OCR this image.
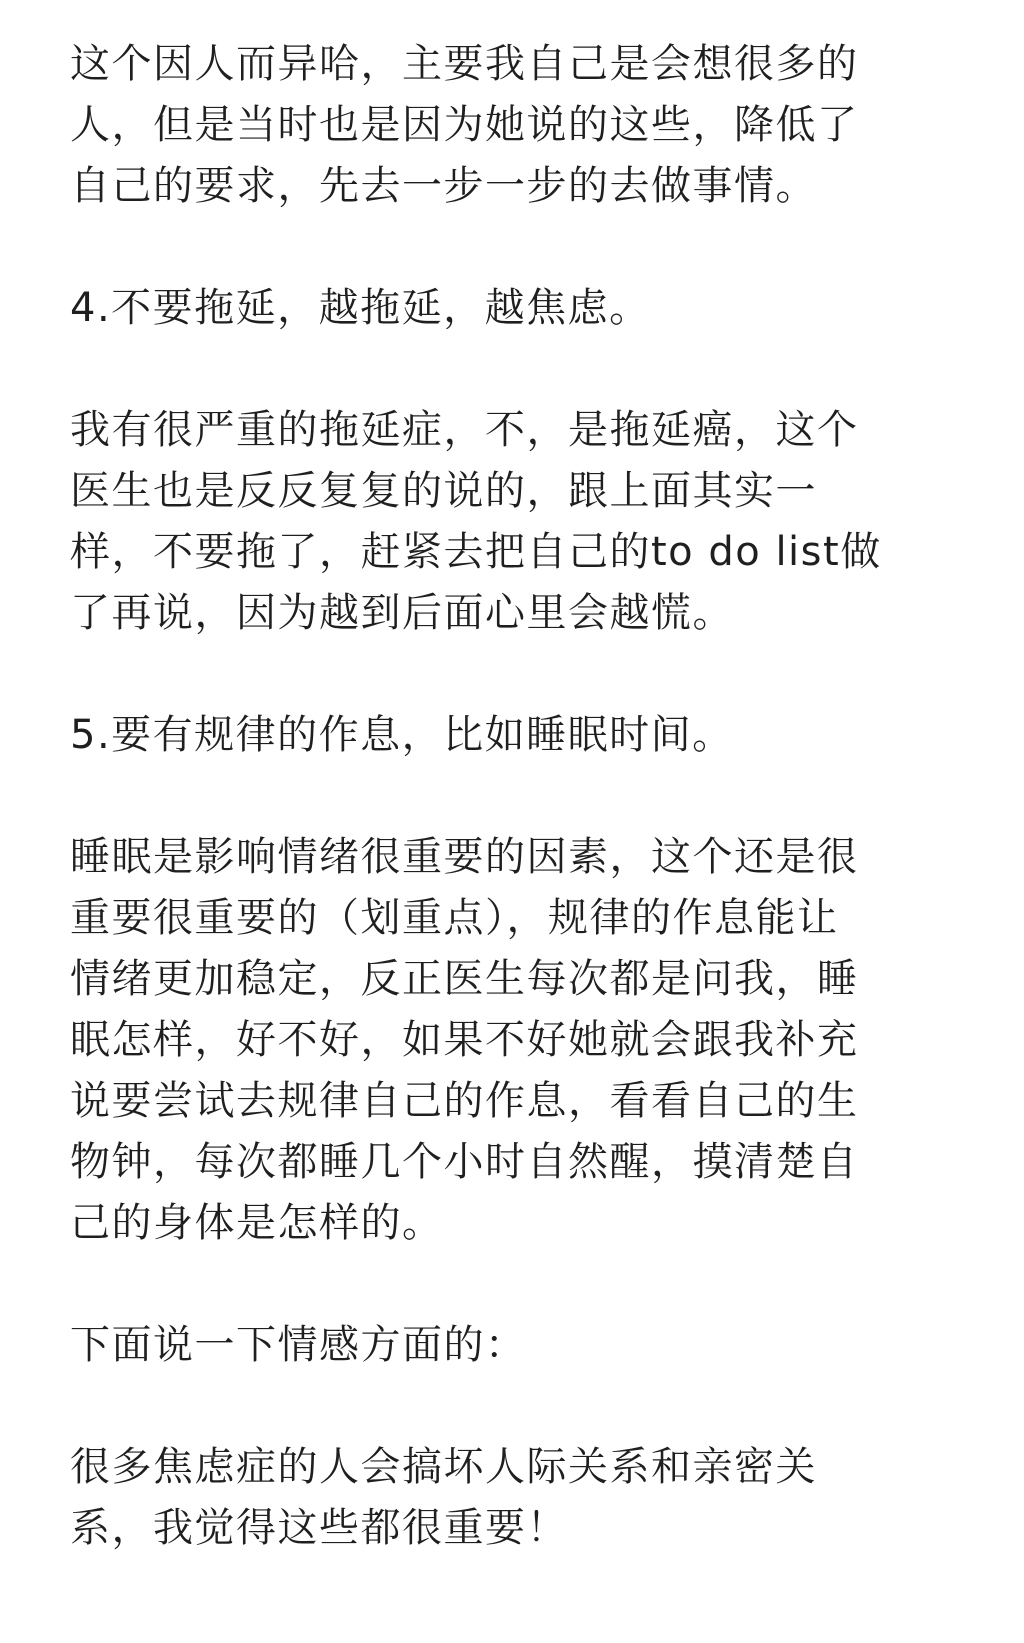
这个因人而异哈，主要我自己是会想很多的
人，但是当时也是因为她说的这些，降低了
自己的要求，先去一步一步的去做事情。
4.不要拖延，越拖延，越焦虑。
我有很严重的拖延症，不，是拖延癌，这个
医生也是反反复复的说的，跟上面其实一
样，不要拖了，赶紧去把自己的to do list做
了再说，因为越到后面心里会越慌。
5.要有规律的作息，比如睡眠时间。
睡眠是影响情绪很重要的因素，这个还是很
重要很重要的（划重点），规律的作息能让
情绪更加稳定，反正医生每次都是问我，睡
眠怎样，好不好，如果不好她就会跟我补充
说要尝试去规律自己的作息，看看自己的生
物钟，每次都睡几个小时自然醒，摸清楚自
己的身体是怎样的。
下面说一下情感方面的：
很多焦虑症的人会搞坏人际关系和亲密关
系，我觉得这些都很重要！
